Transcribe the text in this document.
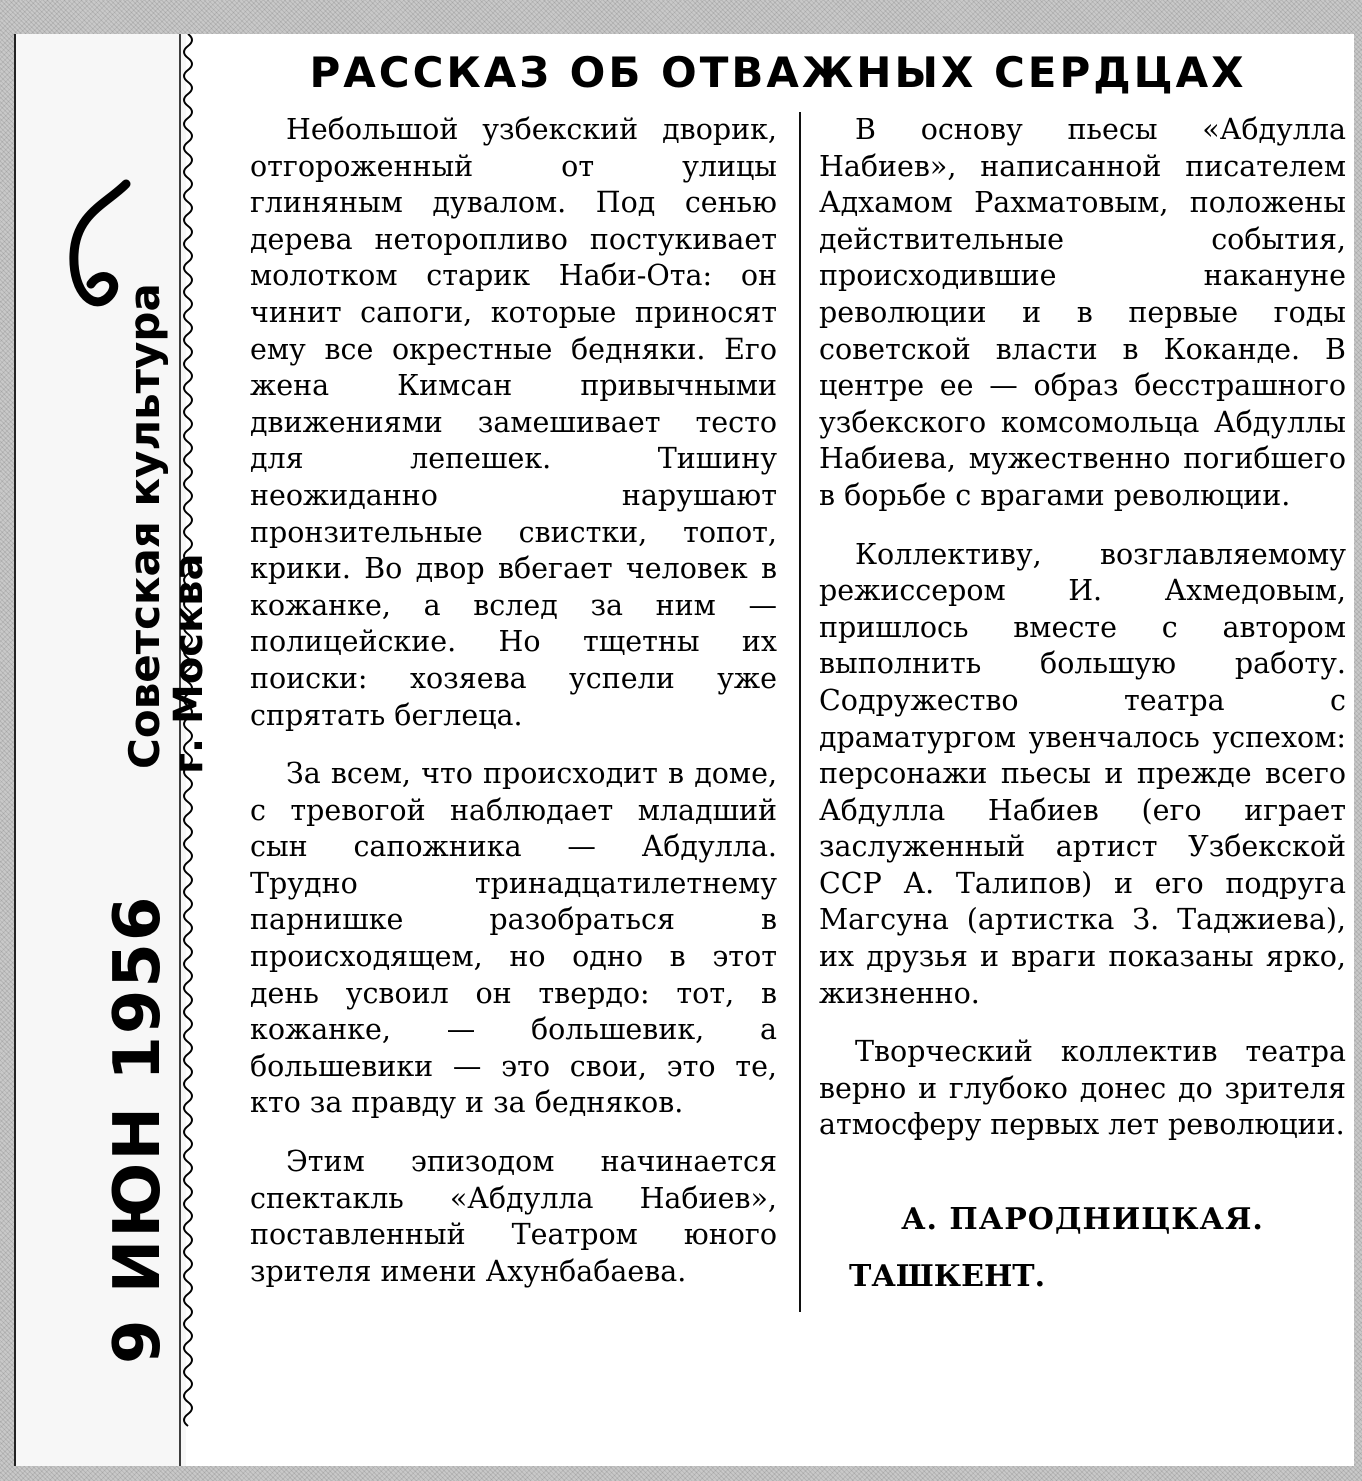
9 ИЮН 1956 Советская культура
г. Москва
РАССКАЗ ОБ ОТВАЖНЫХ СЕРДЦАХ

Небольшой узбекский дворик, отгороженный от улицы глиняным дувалом. Под сенью дерева неторопливо постукивает молотком старик Наби-Ота: он чинит сапоги, которые приносят ему все окрестные бедняки. Его жена Кимсан привычными движениями замешивает тесто для лепешек. Тишину неожиданно нарушают пронзительные свистки, топот, крики. Во двор вбегает человек в кожанке, а вслед за ним — полицейские. Но тщетны их поиски: хозяева успели уже спрятать беглеца.

За всем, что происходит в доме, с тревогой наблюдает младший сын сапожника — Абдулла. Трудно тринадцатилетнему парнишке разобраться в происходящем, но одно в этот день усвоил он твердо: тот, в кожанке, — большевик, а большевики — это свои, это те, кто за правду и за бедняков.

Этим эпизодом начинается спектакль «Абдулла Набиев», поставленный Театром юного зрителя имени Ахунбабаева.

В основу пьесы «Абдулла Набиев», написанной писателем Адхамом Рахматовым, положены действительные события, происходившие накануне революции и в первые годы советской власти в Коканде. В центре ее — образ бесстрашного узбекского комсомольца Абдуллы Набиева, мужественно погибшего в борьбе с врагами революции.

Коллективу, возглавляемому режиссером И. Ахмедовым, пришлось вместе с автором выполнить большую работу. Содружество театра с драматургом увенчалось успехом: персонажи пьесы и прежде всего Абдулла Набиев (его играет заслуженный артист Узбекской ССР А. Талипов) и его подруга Магсуна (артистка З. Таджиева), их друзья и враги показаны ярко, жизненно.

Творческий коллектив театра верно и глубоко донес до зрителя атмосферу первых лет революции.

А. ПАРОДНИЦКАЯ.
ТАШКЕНТ.
